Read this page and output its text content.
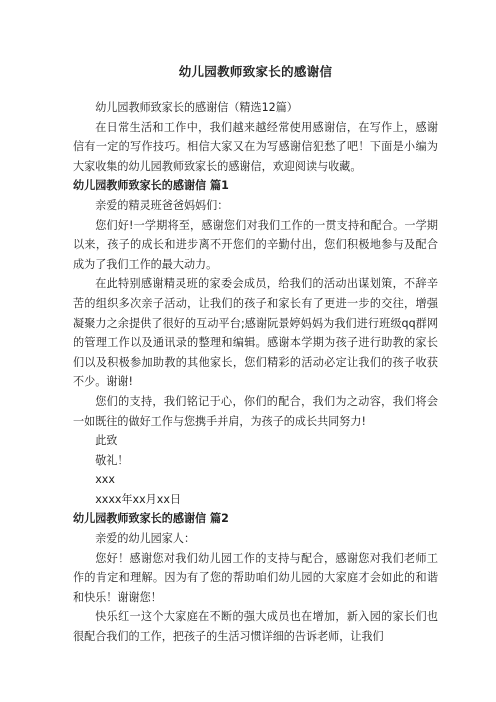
幼儿园教师致家长的感谢信

幼儿园教师致家长的感谢信（精选12篇）

在日常生活和工作中，我们越来越经常使用感谢信，在写作上，感谢信有一定的写作技巧。相信大家又在为写感谢信犯愁了吧！下面是小编为大家收集的幼儿园教师致家长的感谢信，欢迎阅读与收藏。

幼儿园教师致家长的感谢信 篇1

亲爱的精灵班爸爸妈妈们：

您们好!一学期将至，感谢您们对我们工作的一贯支持和配合。一学期以来，孩子的成长和进步离不开您们的辛勤付出，您们积极地参与及配合成为了我们工作的最大动力。

在此特别感谢精灵班的家委会成员，给我们的活动出谋划策，不辞辛苦的组织多次亲子活动，让我们的孩子和家长有了更进一步的交往，增强凝聚力之余提供了很好的互动平台;感谢阮景婷妈妈为我们进行班级qq群网的管理工作以及通讯录的整理和编辑。感谢本学期为孩子进行助教的家长们以及积极参加助教的其他家长，您们精彩的活动必定让我们的孩子收获不少。谢谢!

您们的支持，我们铭记于心，你们的配合，我们为之动容，我们将会一如既往的做好工作与您携手并肩，为孩子的成长共同努力!

此致

敬礼！

xxx

xxxx年xx月xx日

幼儿园教师致家长的感谢信 篇2

亲爱的幼儿园家人：

您好！感谢您对我们幼儿园工作的支持与配合，感谢您对我们老师工作的肯定和理解。因为有了您的帮助咱们幼儿园的大家庭才会如此的和谐和快乐！谢谢您！

快乐红一这个大家庭在不断的强大成员也在增加，新入园的家长们也很配合我们的工作，把孩子的生活习惯详细的告诉老师，让我们
